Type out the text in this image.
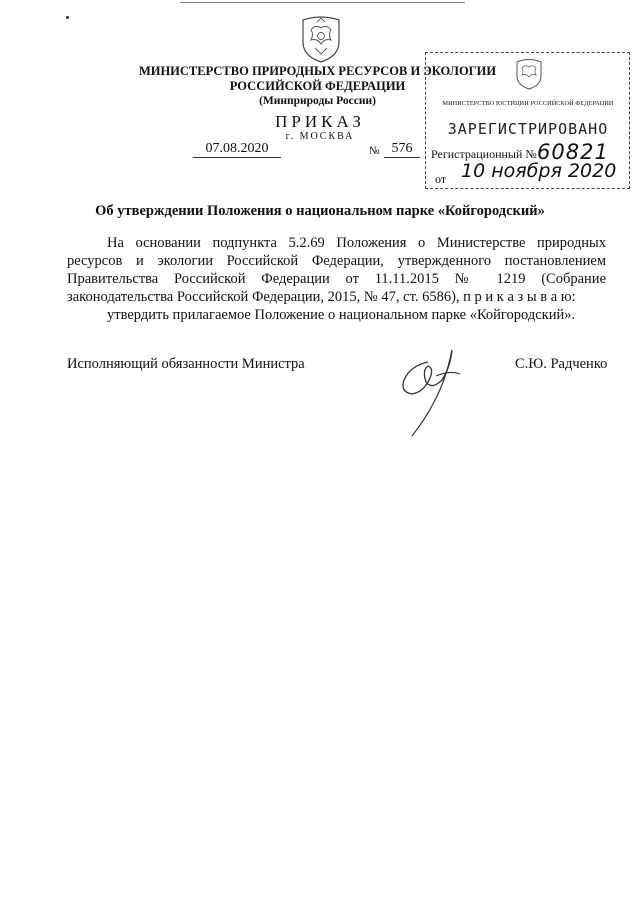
МИНИСТЕРСТВО ПРИРОДНЫХ РЕСУРСОВ И ЭКОЛОГИИ
РОССИЙСКОЙ ФЕДЕРАЦИИ
(Минприроды России)
ПРИКАЗ
г. МОСКВА
07.08.2020	№ 576
МИНИСТЕРСТВО ЮСТИЦИИ РОССИЙСКОЙ ФЕДЕРАЦИИ
ЗАРЕГИСТРИРОВАНО
Регистрационный № 60821
от 10 ноября 2020
Об утверждении Положения о национальном парке «Койгородский»

На основании подпункта 5.2.69 Положения о Министерстве природных ресурсов и экологии Российской Федерации, утвержденного постановлением Правительства Российской Федерации от 11.11.2015 № 1219 (Собрание законодательства Российской Федерации, 2015, № 47, ст. 6586), п р и к а з ы в а ю:

утвердить прилагаемое Положение о национальном парке «Койгородский».

Исполняющий обязанности Министра	С.Ю. Радченко
